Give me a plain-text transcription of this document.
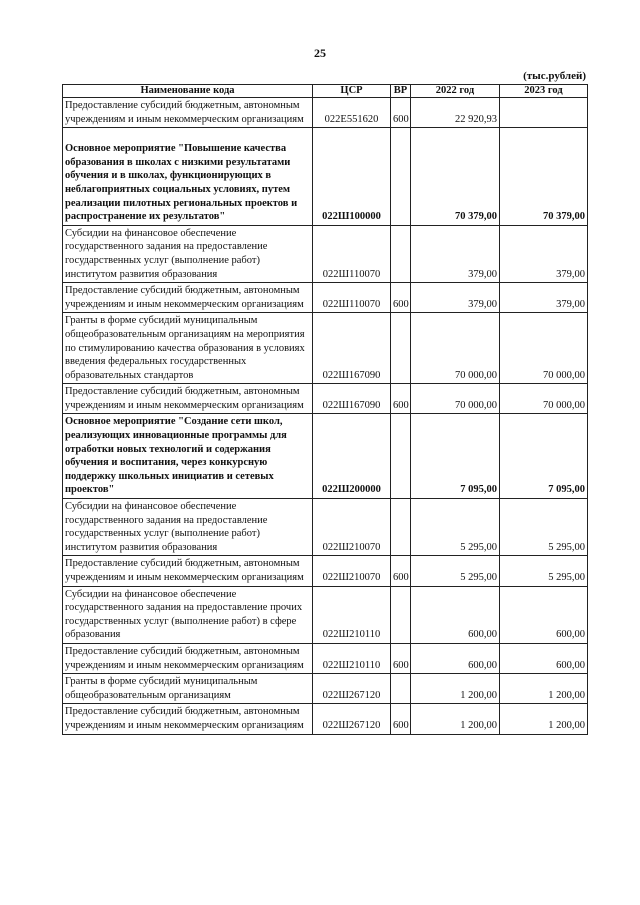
25
(тыс.рублей)
Наименование кода	ЦСР	ВР	2022 год	2023 год
Предоставление субсидий бюджетным, автономным учреждениям и иным некоммерческим организациям	022Е551620	600	22 920,93	
Основное мероприятие "Повышение качества образования в школах с низкими результатами обучения и в школах, функционирующих в неблагоприятных социальных условиях, путем реализации пилотных региональных проектов и распространение их результатов"	022Ш100000		70 379,00	70 379,00
Субсидии на финансовое обеспечение государственного задания на предоставление государственных услуг (выполнение работ) институтом развития образования	022Ш110070		379,00	379,00
Предоставление субсидий бюджетным, автономным учреждениям и иным некоммерческим организациям	022Ш110070	600	379,00	379,00
Гранты в форме субсидий муниципальным общеобразовательным организациям на мероприятия по стимулированию качества образования в условиях введения федеральных государственных образовательных стандартов	022Ш167090		70 000,00	70 000,00
Предоставление субсидий бюджетным, автономным учреждениям и иным некоммерческим организациям	022Ш167090	600	70 000,00	70 000,00
Основное мероприятие "Создание сети школ, реализующих инновационные программы для отработки новых технологий и содержания обучения и воспитания, через конкурсную поддержку школьных инициатив и сетевых проектов"	022Ш200000		7 095,00	7 095,00
Субсидии на финансовое обеспечение государственного задания на предоставление государственных услуг (выполнение работ) институтом развития образования	022Ш210070		5 295,00	5 295,00
Предоставление субсидий бюджетным, автономным учреждениям и иным некоммерческим организациям	022Ш210070	600	5 295,00	5 295,00
Субсидии на финансовое обеспечение государственного задания на предоставление прочих государственных услуг (выполнение работ) в сфере образования	022Ш210110		600,00	600,00
Предоставление субсидий бюджетным, автономным учреждениям и иным некоммерческим организациям	022Ш210110	600	600,00	600,00
Гранты в форме субсидий муниципальным общеобразовательным организациям	022Ш267120		1 200,00	1 200,00
Предоставление субсидий бюджетным, автономным учреждениям и иным некоммерческим организациям	022Ш267120	600	1 200,00	1 200,00
